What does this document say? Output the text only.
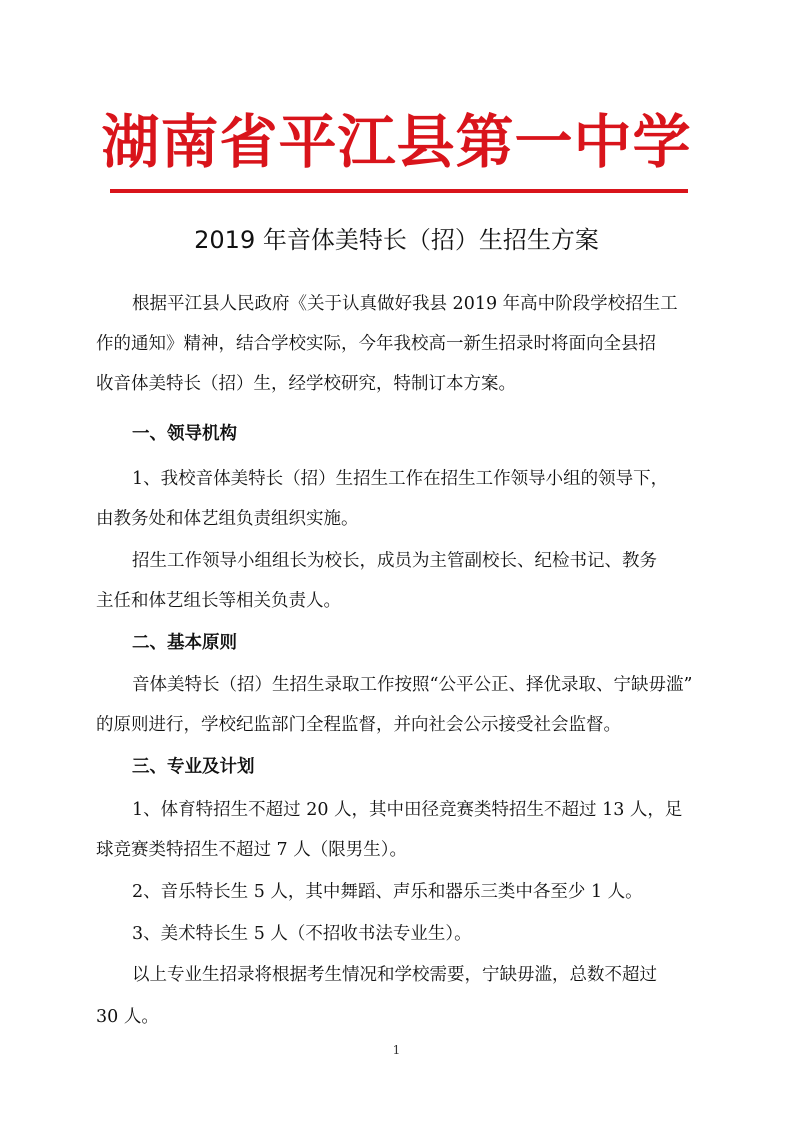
湖南省平江县第一中学
2019 年音体美特长（招）生招生方案
根据平江县人民政府《关于认真做好我县 2019 年高中阶段学校招生工
作的通知》精神，结合学校实际，今年我校高一新生招录时将面向全县招
收音体美特长（招）生，经学校研究，特制订本方案。
一、领导机构
1、我校音体美特长（招）生招生工作在招生工作领导小组的领导下，
由教务处和体艺组负责组织实施。
招生工作领导小组组长为校长，成员为主管副校长、纪检书记、教务
主任和体艺组长等相关负责人。
二、基本原则
音体美特长（招）生招生录取工作按照“公平公正、择优录取、宁缺毋滥”
的原则进行，学校纪监部门全程监督，并向社会公示接受社会监督。
三、专业及计划
1、体育特招生不超过 20 人，其中田径竞赛类特招生不超过 13 人，足
球竞赛类特招生不超过 7 人（限男生）。
2、音乐特长生 5 人，其中舞蹈、声乐和器乐三类中各至少 1 人。
3、美术特长生 5 人（不招收书法专业生）。
以上专业生招录将根据考生情况和学校需要，宁缺毋滥，总数不超过
30 人。
1
